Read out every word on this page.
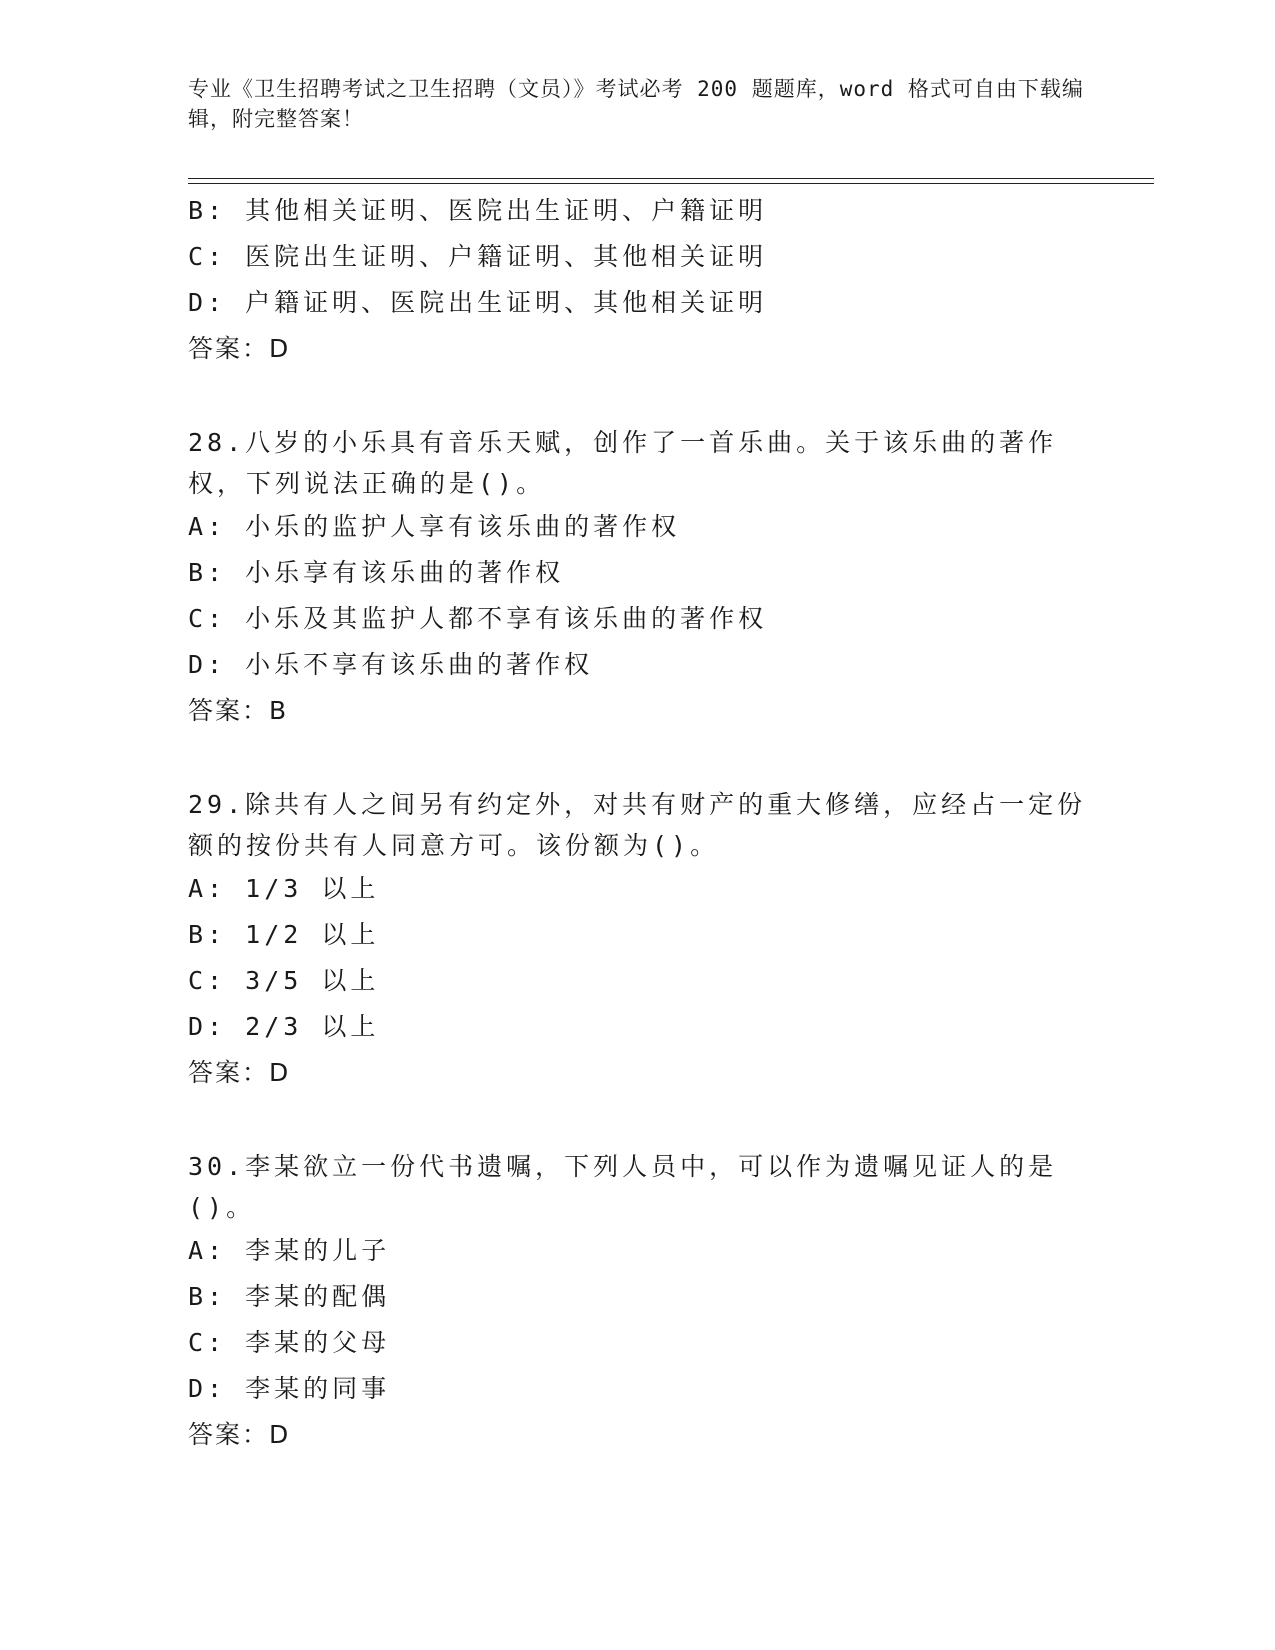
专业《卫生招聘考试之卫生招聘（文员）》考试必考 200 题题库，word 格式可自由下载编辑，附完整答案！
B: 其他相关证明、医院出生证明、户籍证明
C: 医院出生证明、户籍证明、其他相关证明
D: 户籍证明、医院出生证明、其他相关证明
答案：D
28.八岁的小乐具有音乐天赋，创作了一首乐曲。关于该乐曲的著作权，下列说法正确的是()。
A: 小乐的监护人享有该乐曲的著作权
B: 小乐享有该乐曲的著作权
C: 小乐及其监护人都不享有该乐曲的著作权
D: 小乐不享有该乐曲的著作权
答案：B
29.除共有人之间另有约定外，对共有财产的重大修缮，应经占一定份额的按份共有人同意方可。该份额为()。
A: 1/3 以上
B: 1/2 以上
C: 3/5 以上
D: 2/3 以上
答案：D
30.李某欲立一份代书遗嘱，下列人员中，可以作为遗嘱见证人的是()。
A: 李某的儿子
B: 李某的配偶
C: 李某的父母
D: 李某的同事
答案：D
